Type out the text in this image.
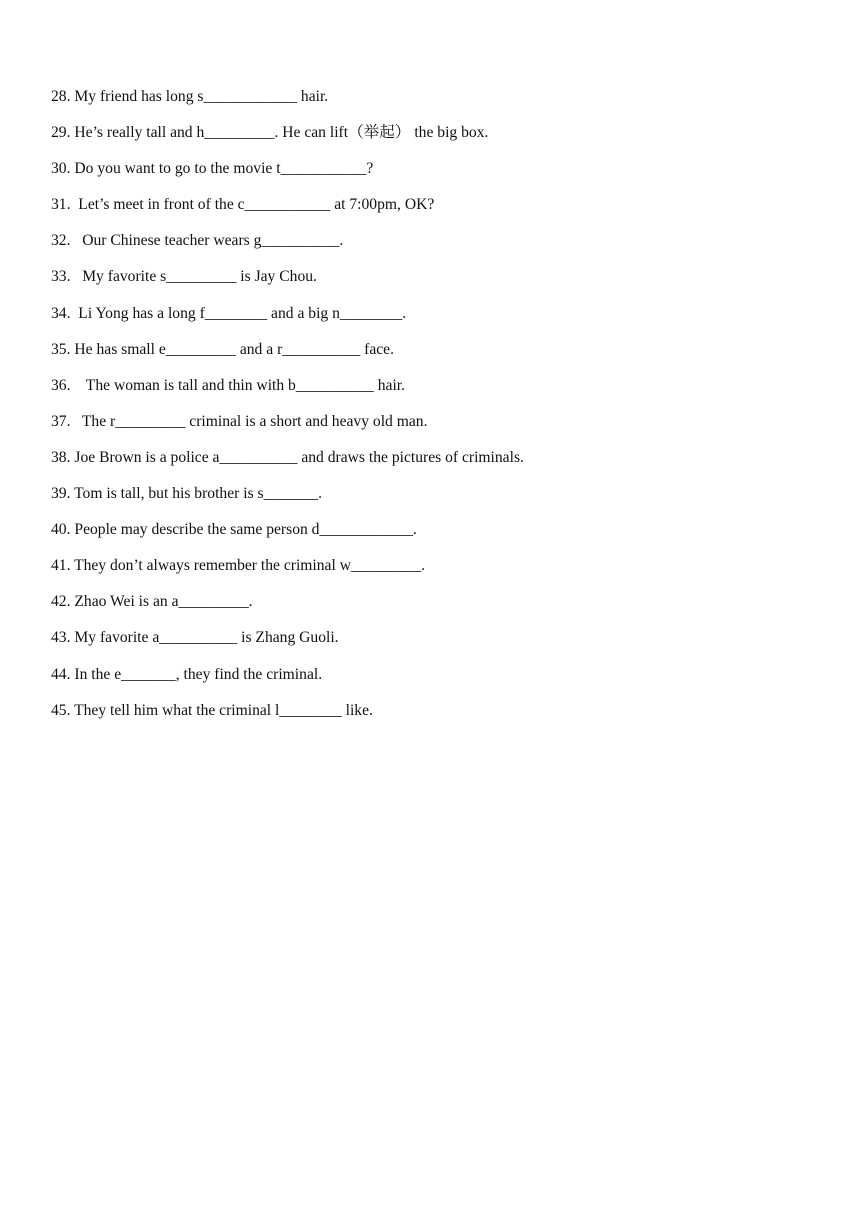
28. My friend has long s____________ hair.
29. He’s really tall and h_________. He can lift（举起） the big box.
30. Do you want to go to the movie t___________?
31.  Let’s meet in front of the c___________ at 7:00pm, OK?
32.   Our Chinese teacher wears g__________.
33.   My favorite s_________ is Jay Chou.
34.  Li Yong has a long f________ and a big n________.
35. He has small e_________ and a r__________ face.
36.    The woman is tall and thin with b__________ hair.
37.   The r_________ criminal is a short and heavy old man.
38. Joe Brown is a police a__________ and draws the pictures of criminals.
39. Tom is tall, but his brother is s_______.
40. People may describe the same person d____________.
41. They don’t always remember the criminal w_________.
42. Zhao Wei is an a_________.
43. My favorite a__________ is Zhang Guoli.
44. In the e_______, they find the criminal.
45. They tell him what the criminal l________ like.
